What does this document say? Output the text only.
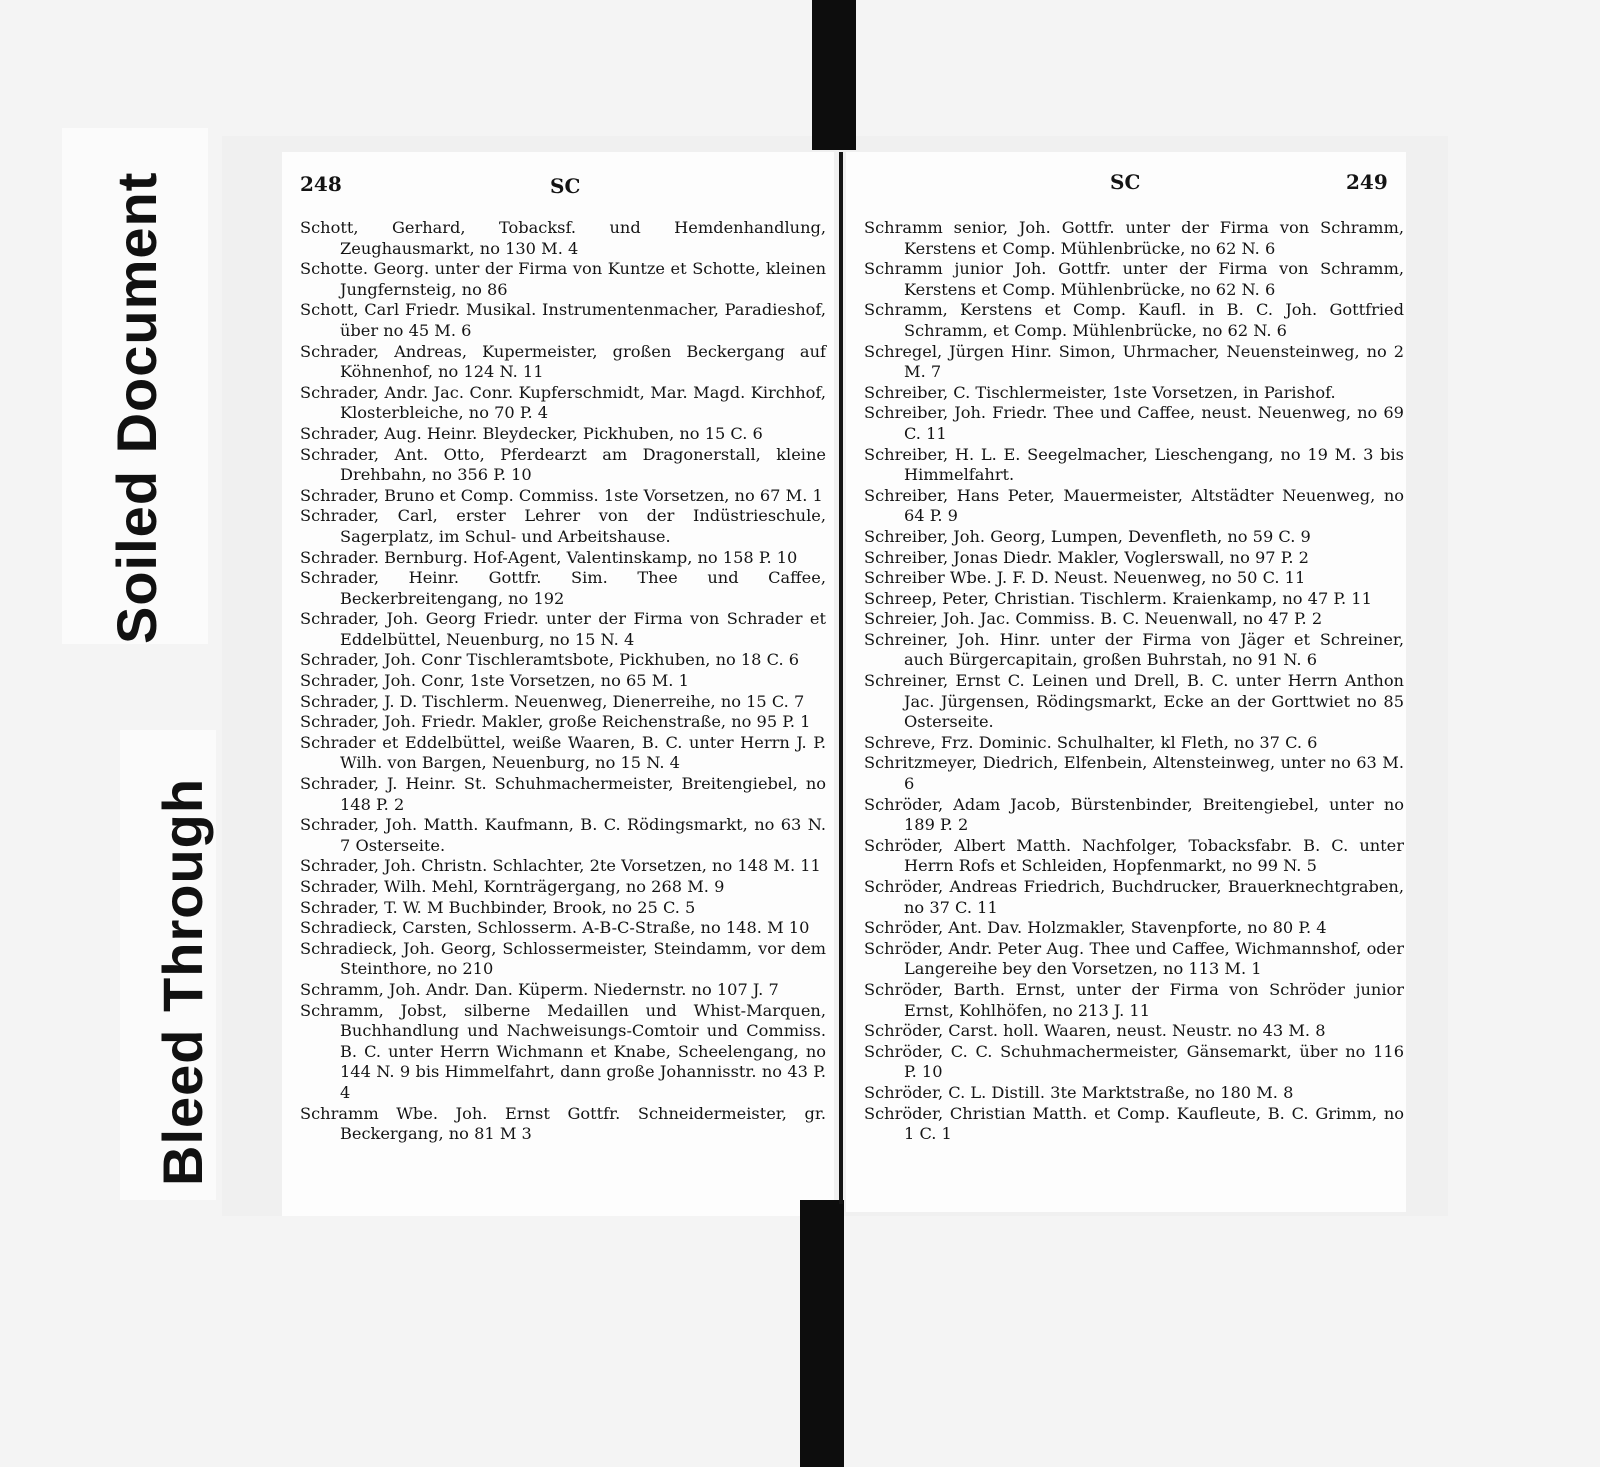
Soiled Document
Bleed Through
248	SC	SC	249

Schott, Gerhard, Tobacksf. und Hemdenhandlung, Zeughausmarkt, no 130 M. 4

Schotte. Georg. unter der Firma von Kuntze et Schotte, kleinen Jungfernsteig, no 86

Schott, Carl Friedr. Musikal. Instrumentenmacher, Paradieshof, über no 45 M. 6

Schrader, Andreas, Kupermeister, großen Beckergang auf Köhnenhof, no 124 N. 11

Schrader, Andr. Jac. Conr. Kupferschmidt, Mar. Magd. Kirchhof, Klosterbleiche, no 70 P. 4

Schrader, Aug. Heinr. Bleydecker, Pickhuben, no 15 C. 6

Schrader, Ant. Otto, Pferdearzt am Dragonerstall, kleine Drehbahn, no 356 P. 10

Schrader, Bruno et Comp. Commiss. 1ste Vorsetzen, no 67 M. 1

Schrader, Carl, erster Lehrer von der Indüstrieschule, Sagerplatz, im Schul- und Arbeitshause.

Schrader. Bernburg. Hof-Agent, Valentinskamp, no 158 P. 10

Schrader, Heinr. Gottfr. Sim. Thee und Caffee, Beckerbreitengang, no 192

Schrader, Joh. Georg Friedr. unter der Firma von Schrader et Eddelbüttel, Neuenburg, no 15 N. 4

Schrader, Joh. Conr Tischleramtsbote, Pickhuben, no 18 C. 6

Schrader, Joh. Conr, 1ste Vorsetzen, no 65 M. 1

Schrader, J. D. Tischlerm. Neuenweg, Dienerreihe, no 15 C. 7

Schrader, Joh. Friedr. Makler, große Reichenstraße, no 95 P. 1

Schrader et Eddelbüttel, weiße Waaren, B. C. unter Herrn J. P. Wilh. von Bargen, Neuenburg, no 15 N. 4

Schrader, J. Heinr. St. Schuhmachermeister, Breitengiebel, no 148 P. 2

Schrader, Joh. Matth. Kaufmann, B. C. Rödingsmarkt, no 63 N. 7 Osterseite.

Schrader, Joh. Christn. Schlachter, 2te Vorsetzen, no 148 M. 11

Schrader, Wilh. Mehl, Kornträgergang, no 268 M. 9

Schrader, T. W. M Buchbinder, Brook, no 25 C. 5

Schradieck, Carsten, Schlosserm. A-B-C-Straße, no 148. M 10

Schradieck, Joh. Georg, Schlossermeister, Steindamm, vor dem Steinthore, no 210

Schramm, Joh. Andr. Dan. Küperm. Niedernstr. no 107 J. 7

Schramm, Jobst, silberne Medaillen und Whist-Marquen, Buchhandlung und Nachweisungs-Comtoir und Commiss. B. C. unter Herrn Wichmann et Knabe, Scheelengang, no 144 N. 9 bis Himmelfahrt, dann große Johannisstr. no 43 P. 4

Schramm Wbe. Joh. Ernst Gottfr. Schneidermeister, gr. Beckergang, no 81 M 3

Schramm senior, Joh. Gottfr. unter der Firma von Schramm, Kerstens et Comp. Mühlenbrücke, no 62 N. 6

Schramm junior Joh. Gottfr. unter der Firma von Schramm, Kerstens et Comp. Mühlenbrücke, no 62 N. 6

Schramm, Kerstens et Comp. Kaufl. in B. C. Joh. Gottfried Schramm, et Comp. Mühlenbrücke, no 62 N. 6

Schregel, Jürgen Hinr. Simon, Uhrmacher, Neuensteinweg, no 2 M. 7

Schreiber, C. Tischlermeister, 1ste Vorsetzen, in Parishof.

Schreiber, Joh. Friedr. Thee und Caffee, neust. Neuenweg, no 69 C. 11

Schreiber, H. L. E. Seegelmacher, Lieschengang, no 19 M. 3 bis Himmelfahrt.

Schreiber, Hans Peter, Mauermeister, Altstädter Neuenweg, no 64 P. 9

Schreiber, Joh. Georg, Lumpen, Devenfleth, no 59 C. 9

Schreiber, Jonas Diedr. Makler, Voglerswall, no 97 P. 2

Schreiber Wbe. J. F. D. Neust. Neuenweg, no 50 C. 11

Schreep, Peter, Christian. Tischlerm. Kraienkamp, no 47 P. 11

Schreier, Joh. Jac. Commiss. B. C. Neuenwall, no 47 P. 2

Schreiner, Joh. Hinr. unter der Firma von Jäger et Schreiner, auch Bürgercapitain, großen Buhrstah, no 91 N. 6

Schreiner, Ernst C. Leinen und Drell, B. C. unter Herrn Anthon Jac. Jürgensen, Rödingsmarkt, Ecke an der Gorttwiet no 85 Osterseite.

Schreve, Frz. Dominic. Schulhalter, kl Fleth, no 37 C. 6

Schritzmeyer, Diedrich, Elfenbein, Altensteinweg, unter no 63 M. 6

Schröder, Adam Jacob, Bürstenbinder, Breitengiebel, unter no 189 P. 2

Schröder, Albert Matth. Nachfolger, Tobacksfabr. B. C. unter Herrn Rofs et Schleiden, Hopfenmarkt, no 99 N. 5

Schröder, Andreas Friedrich, Buchdrucker, Brauerknechtgraben, no 37 C. 11

Schröder, Ant. Dav. Holzmakler, Stavenpforte, no 80 P. 4

Schröder, Andr. Peter Aug. Thee und Caffee, Wichmannshof, oder Langereihe bey den Vorsetzen, no 113 M. 1

Schröder, Barth. Ernst, unter der Firma von Schröder junior Ernst, Kohlhöfen, no 213 J. 11

Schröder, Carst. holl. Waaren, neust. Neustr. no 43 M. 8

Schröder, C. C. Schuhmachermeister, Gänsemarkt, über no 116 P. 10

Schröder, C. L. Distill. 3te Marktstraße, no 180 M. 8

Schröder, Christian Matth. et Comp. Kaufleute, B. C. Grimm, no 1 C. 1
